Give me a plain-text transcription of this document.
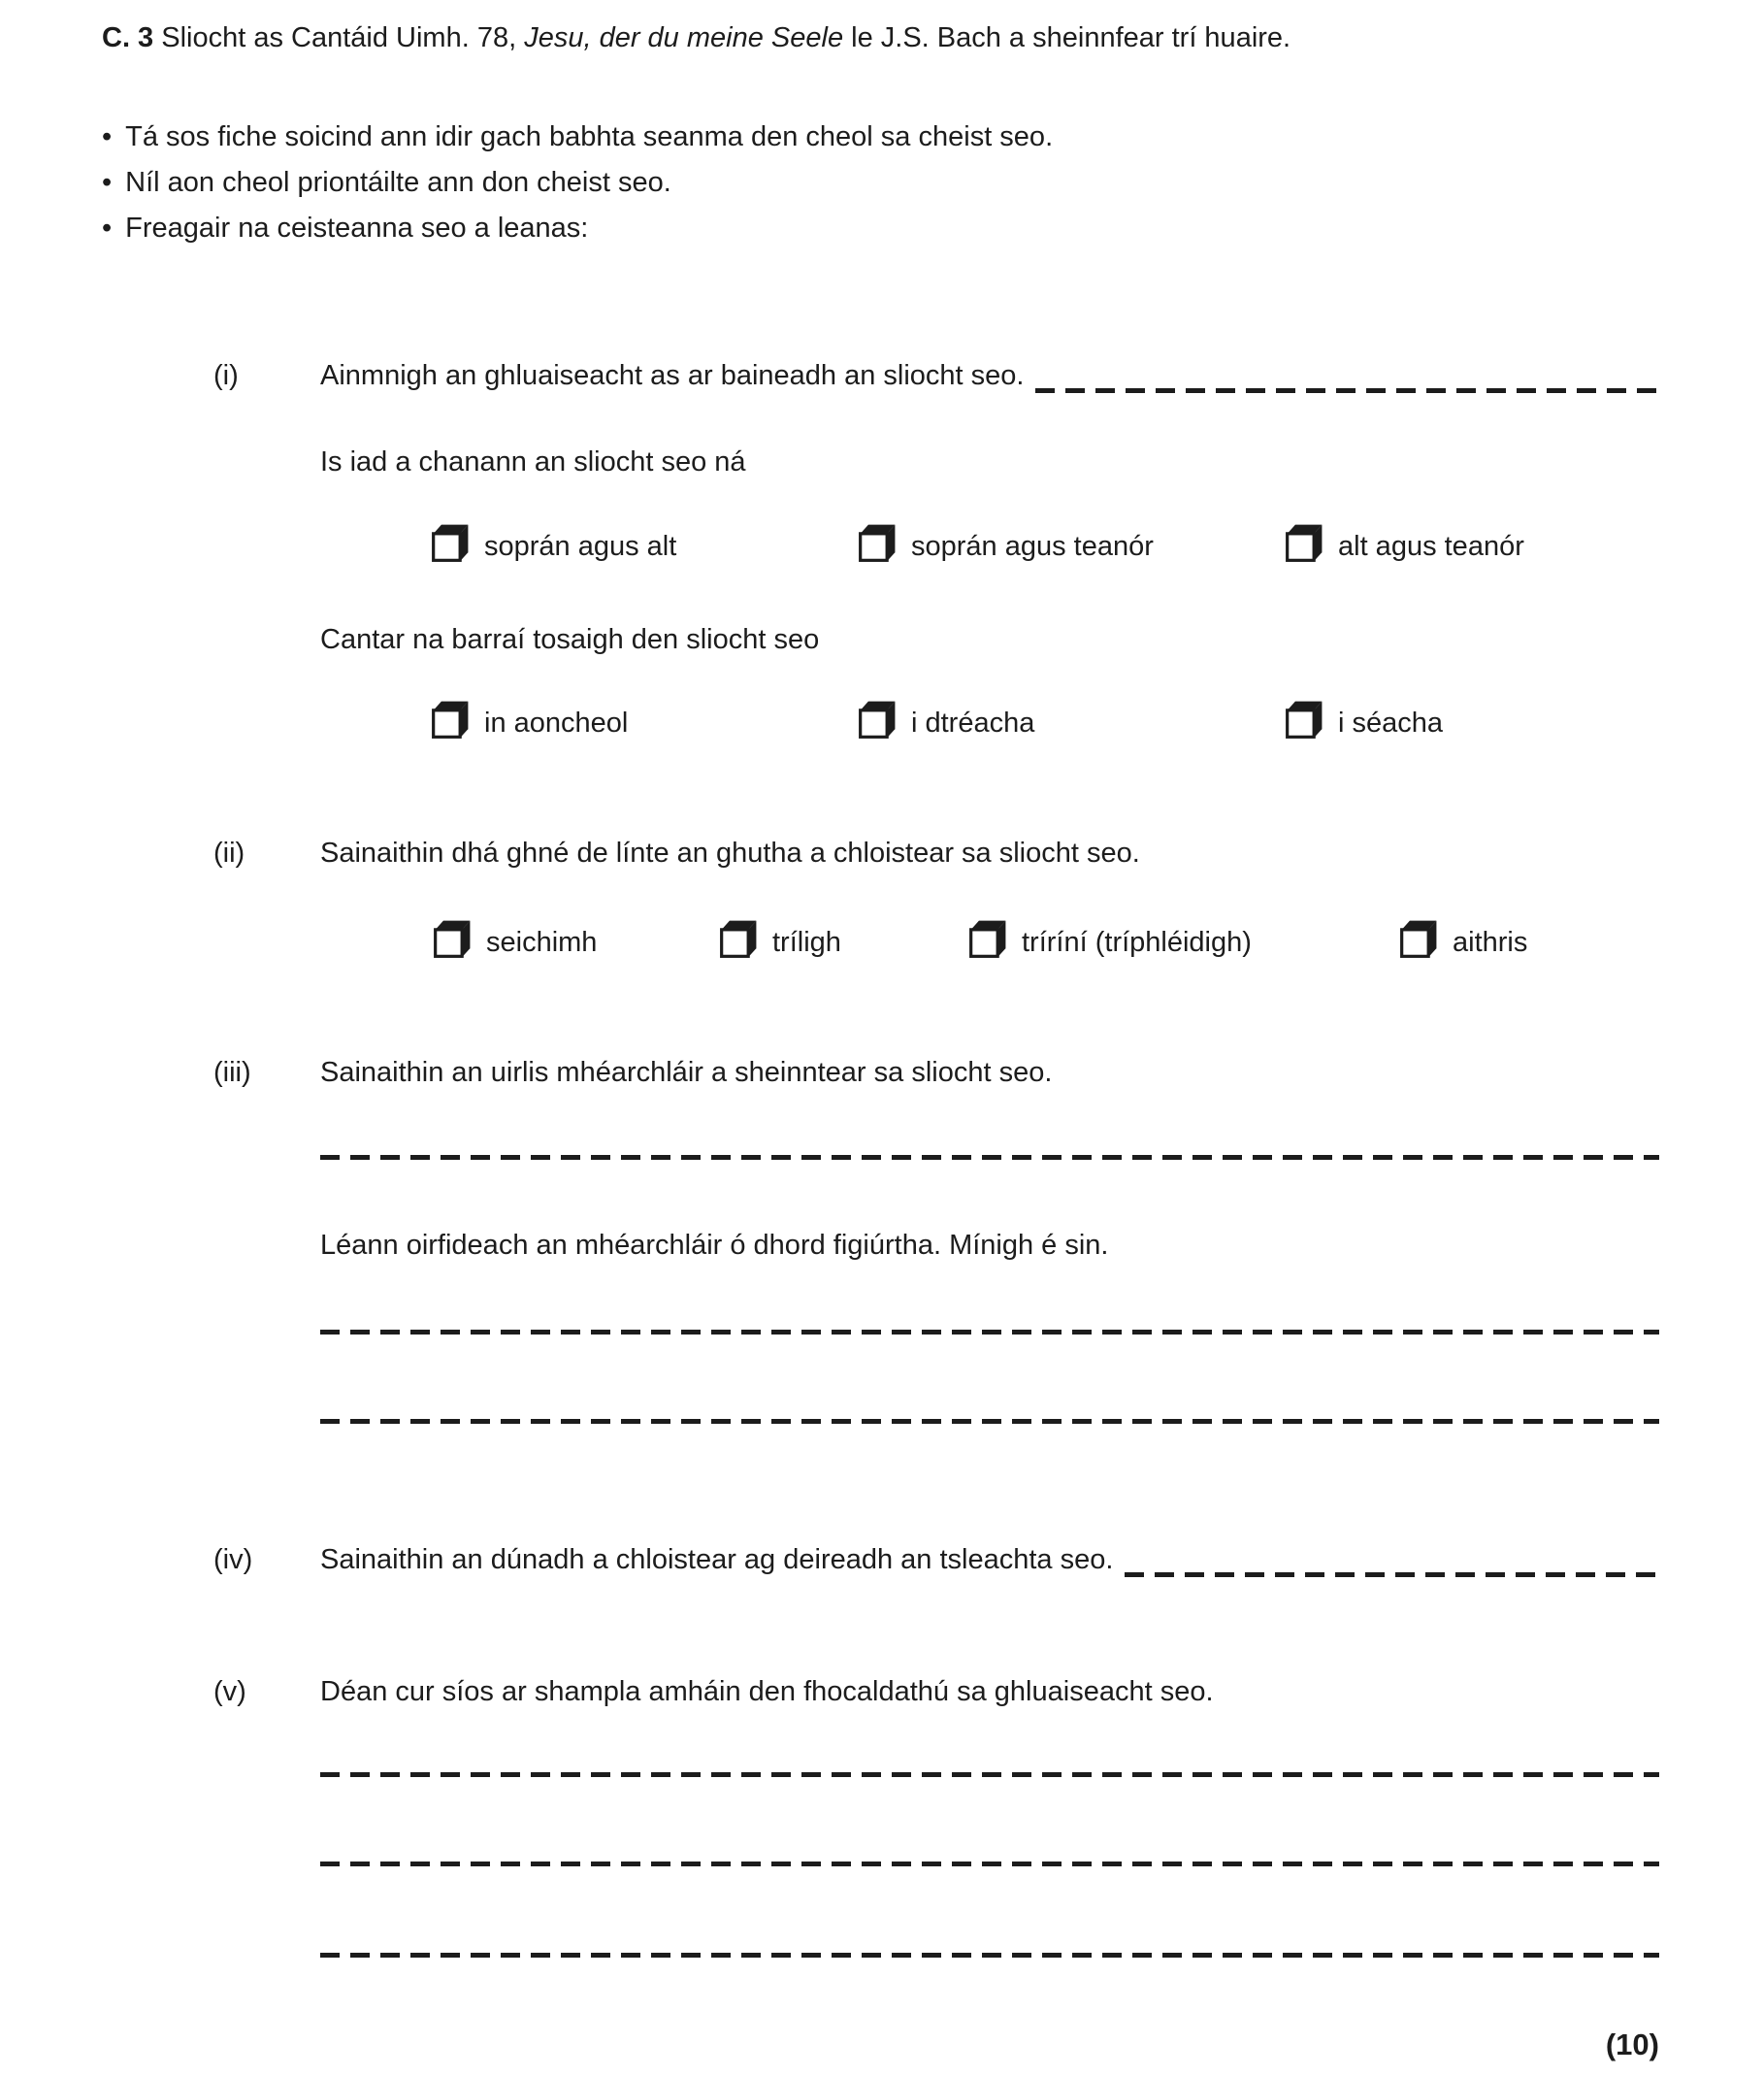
C. 3 Sliocht as Cantáid Uimh. 78, Jesu, der du meine Seele le J.S. Bach a sheinnfear trí huaire.
• Tá sos fiche soicind ann idir gach babhta seanma den cheol sa cheist seo.
• Níl aon cheol priontáilte ann don cheist seo.
• Freagair na ceisteanna seo a leanas:
(i)	Ainmnigh an ghluaiseacht as ar baineadh an sliocht seo.
Is iad a chanann an sliocht seo ná
soprán agus alt	soprán agus teanór	alt agus teanór
Cantar na barraí tosaigh den sliocht seo
in aoncheol	i dtréacha	i séacha
(ii)	Sainaithin dhá ghné de línte an ghutha a chloistear sa sliocht seo.
seichimh	tríligh	tríríní (tríphléidigh)	aithris
(iii)	Sainaithin an uirlis mhéarchláir a sheinntear sa sliocht seo.
Léann oirfideach an mhéarchláir ó dhord figiúrtha. Mínigh é sin.
(iv)	Sainaithin an dúnadh a chloistear ag deireadh an tsleachta seo.
(v)	Déan cur síos ar shampla amháin den fhocaldathú sa ghluaiseacht seo.
(10)
